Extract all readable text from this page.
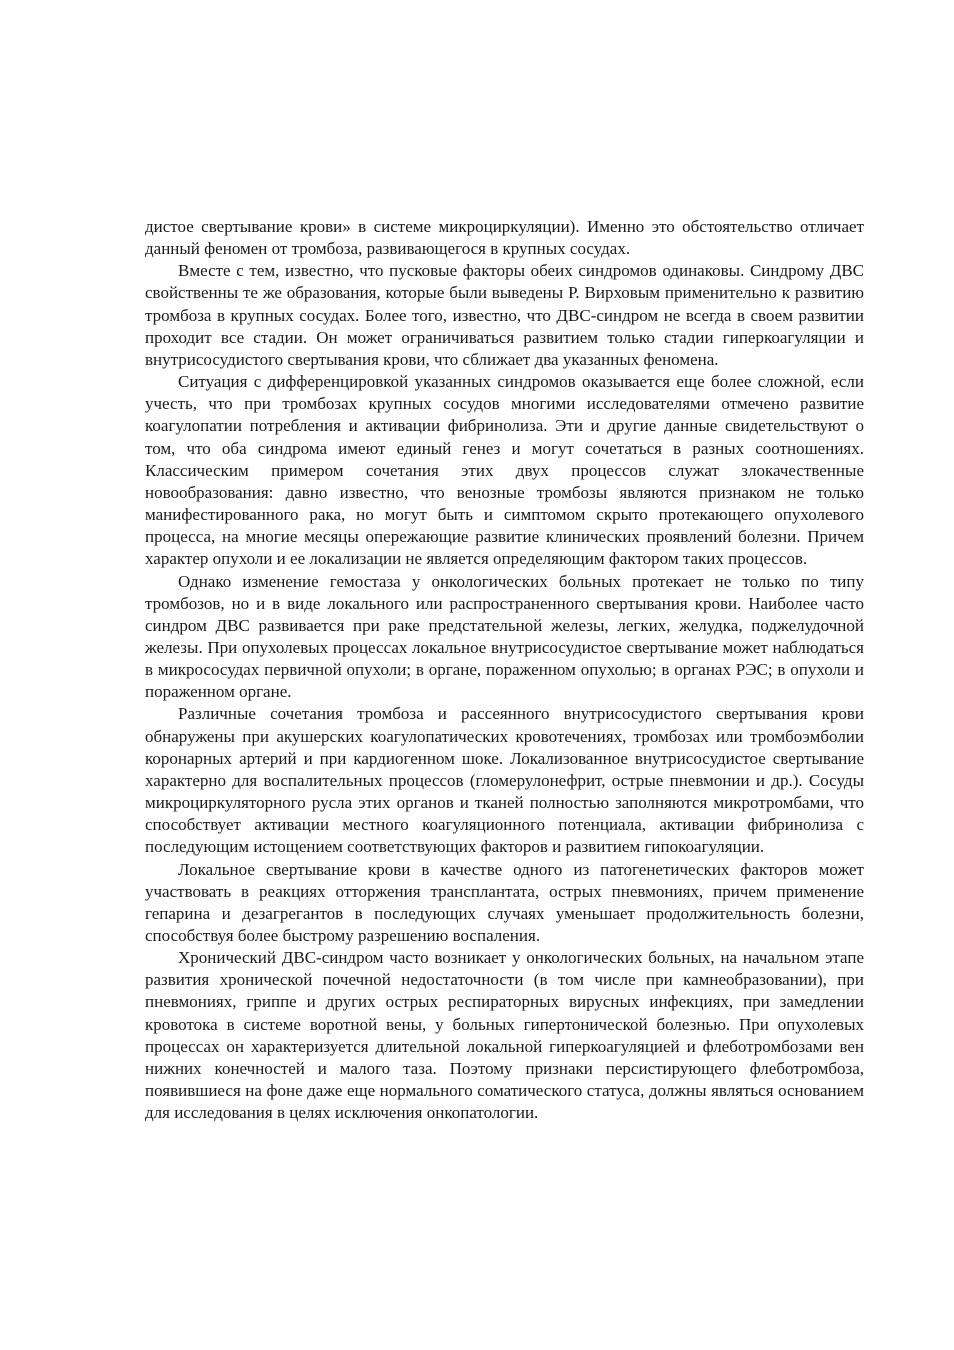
дистое свертывание крови» в системе микроциркуляции). Именно это обстоятельство отличает данный феномен от тромбоза, развивающегося в крупных сосудах.

Вместе с тем, известно, что пусковые факторы обеих синдромов одинаковы. Синдрому ДВС свойственны те же образования, которые были выведены Р. Вирховым применительно к развитию тромбоза в крупных сосудах. Более того, известно, что ДВС-синдром не всегда в своем развитии проходит все стадии. Он может ограничиваться развитием только стадии гиперкоагуляции и внутрисосудистого свертывания крови, что сближает два указанных феномена.

Ситуация с дифференцировкой указанных синдромов оказывается еще более сложной, если учесть, что при тромбозах крупных сосудов многими исследователями отмечено развитие коагулопатии потребления и активации фибринолиза. Эти и другие данные свидетельствуют о том, что оба синдрома имеют единый генез и могут сочетаться в разных соотношениях. Классическим примером сочетания этих двух процессов служат злокачественные новообразования: давно известно, что венозные тромбозы являются признаком не только манифестированного рака, но могут быть и симптомом скрыто протекающего опухолевого процесса, на многие месяцы опережающие развитие клинических проявлений болезни. Причем характер опухоли и ее локализации не является определяющим фактором таких процессов.

Однако изменение гемостаза у онкологических больных протекает не только по типу тромбозов, но и в виде локального или распространенного свертывания крови. Наиболее часто синдром ДВС развивается при раке предстательной железы, легких, желудка, поджелудочной железы. При опухолевых процессах локальное внутрисосудистое свертывание может наблюдаться в микрососудах первичной опухоли; в органе, пораженном опухолью; в органах РЭС; в опухоли и пораженном органе.

Различные сочетания тромбоза и рассеянного внутрисосудистого свертывания крови обнаружены при акушерских коагулопатических кровотечениях, тромбозах или тромбоэмболии коронарных артерий и при кардиогенном шоке. Локализованное внутрисосудистое свертывание характерно для воспалительных процессов (гломерулонефрит, острые пневмонии и др.). Сосуды микроциркуляторного русла этих органов и тканей полностью заполняются микротромбами, что способствует активации местного коагуляционного потенциала, активации фибринолиза с последующим истощением соответствующих факторов и развитием гипокоагуляции.

Локальное свертывание крови в качестве одного из патогенетических факторов может участвовать в реакциях отторжения трансплантата, острых пневмониях, причем применение гепарина и дезагрегантов в последующих случаях уменьшает продолжительность болезни, способствуя более быстрому разрешению воспаления.

Хронический ДВС-синдром часто возникает у онкологических больных, на начальном этапе развития хронической почечной недостаточности (в том числе при камнеобразовании), при пневмониях, гриппе и других острых респираторных вирусных инфекциях, при замедлении кровотока в системе воротной вены, у больных гипертонической болезнью. При опухолевых процессах он характеризуется длительной локальной гиперкоагуляцией и флеботромбозами вен нижних конечностей и малого таза. Поэтому признаки персистирующего флеботромбоза, появившиеся на фоне даже еще нормального соматического статуса, должны являться основанием для исследования в целях исключения онкопатологии.
